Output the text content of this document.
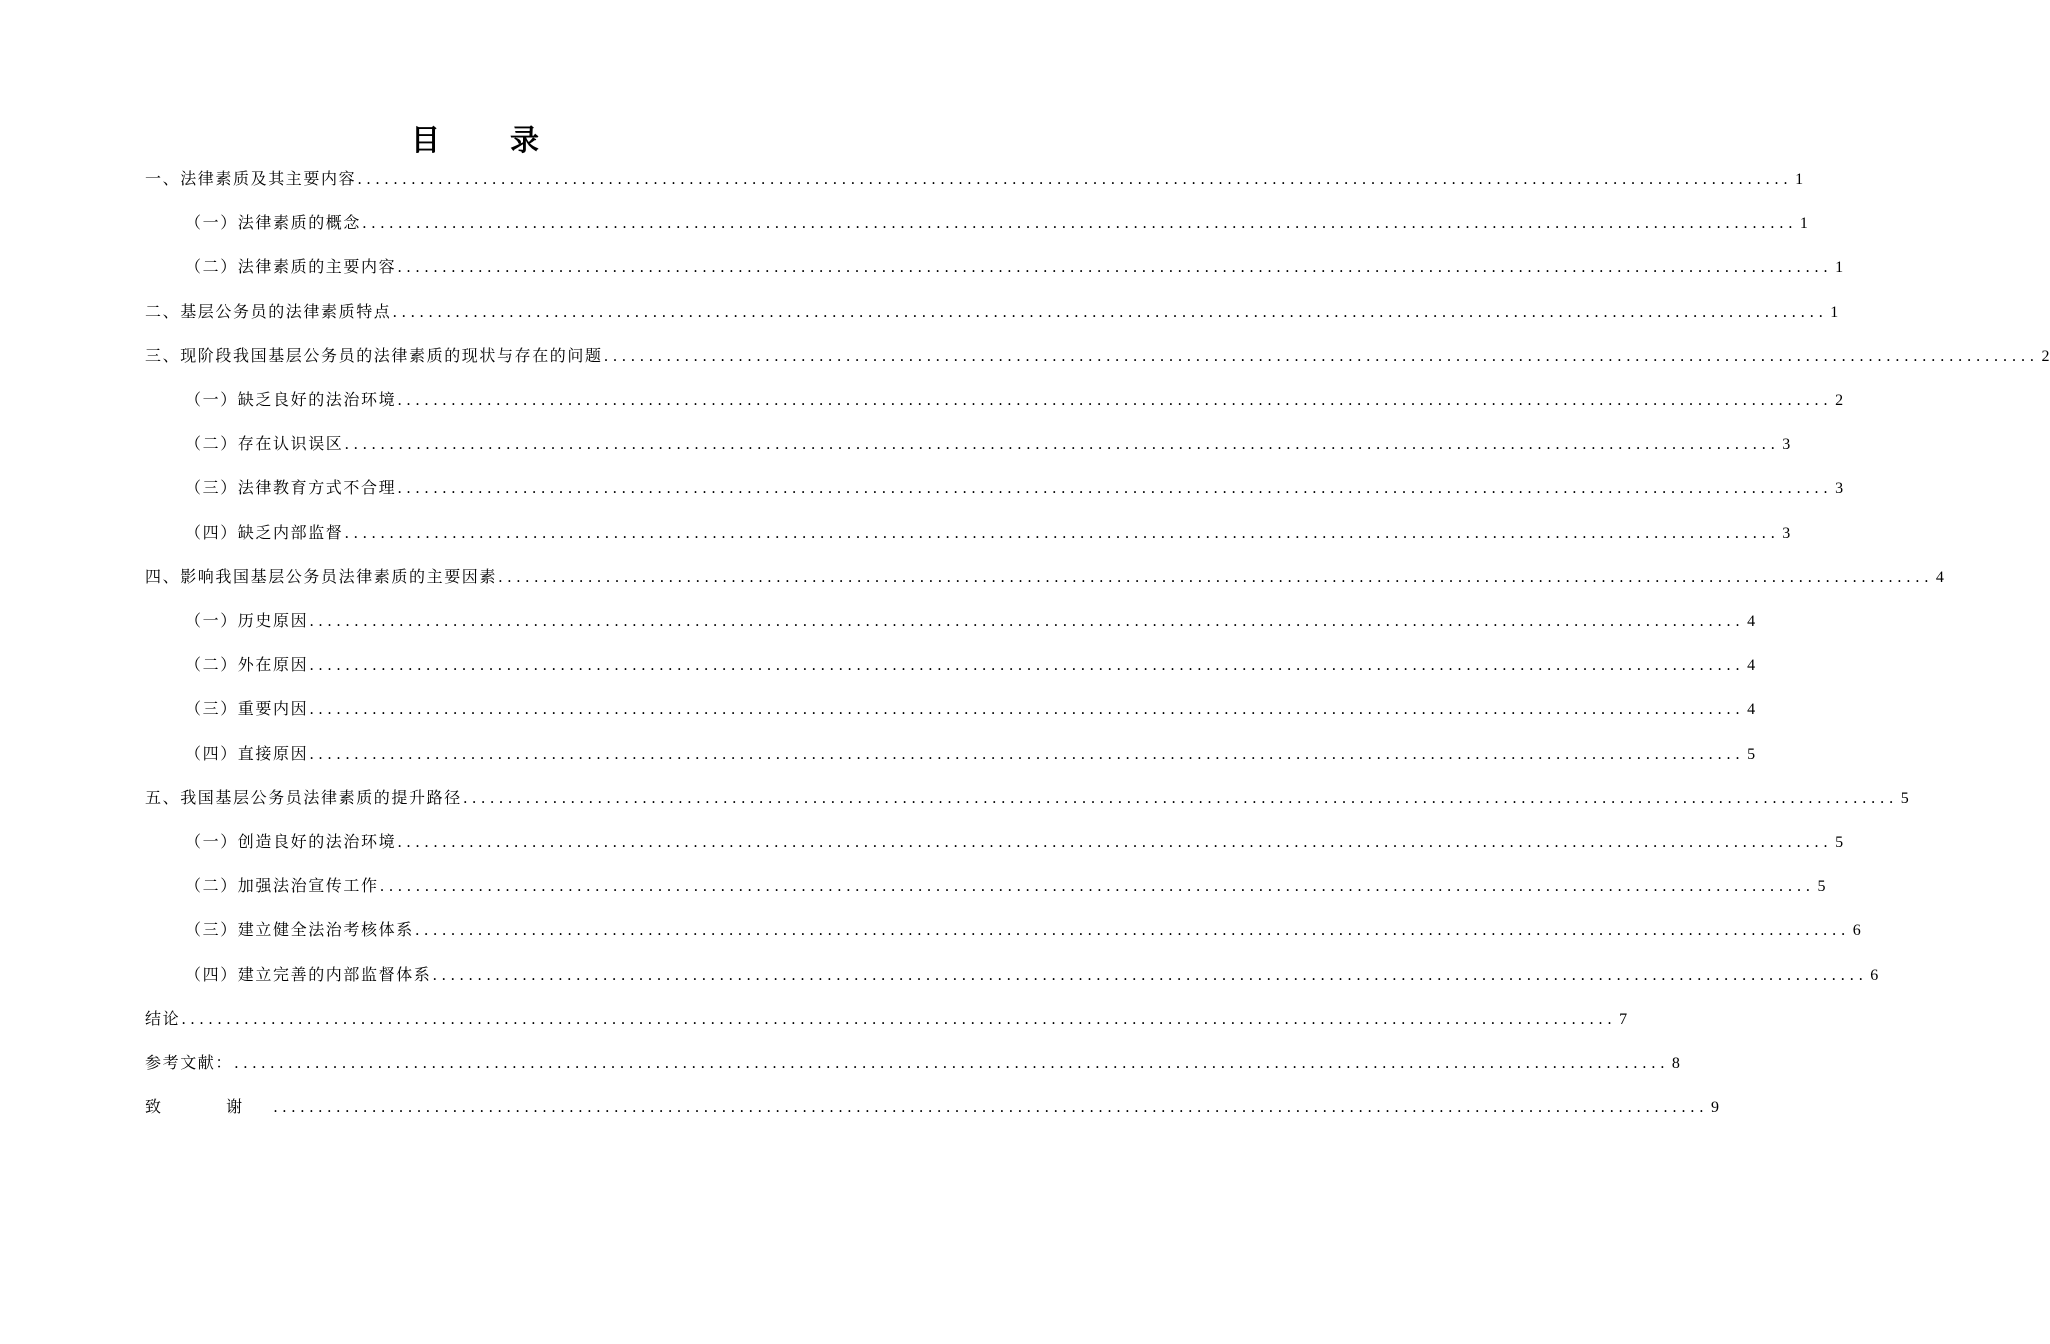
目 录
一、法律素质及其主要内容 ................................................................................................................................................................ 1
（一）法律素质的概念 ................................................................................................................................................................ 1
（二）法律素质的主要内容 ................................................................................................................................................................ 1
二、基层公务员的法律素质特点 ................................................................................................................................................................ 1
三、现阶段我国基层公务员的法律素质的现状与存在的问题 ................................................................................................................................................................ 2
（一）缺乏良好的法治环境 ................................................................................................................................................................ 2
（二）存在认识误区 ................................................................................................................................................................ 3
（三）法律教育方式不合理 ................................................................................................................................................................ 3
（四）缺乏内部监督 ................................................................................................................................................................ 3
四、影响我国基层公务员法律素质的主要因素 ................................................................................................................................................................ 4
（一）历史原因 ................................................................................................................................................................ 4
（二）外在原因 ................................................................................................................................................................ 4
（三）重要内因 ................................................................................................................................................................ 4
（四）直接原因 ................................................................................................................................................................ 5
五、我国基层公务员法律素质的提升路径 ................................................................................................................................................................ 5
（一）创造良好的法治环境 ................................................................................................................................................................ 5
（二）加强法治宣传工作 ................................................................................................................................................................ 5
（三）建立健全法治考核体系 ................................................................................................................................................................ 6
（四）建立完善的内部监督体系 ................................................................................................................................................................ 6
结论 ................................................................................................................................................................ 7
参考文献： ................................................................................................................................................................ 8
致 谢 ................................................................................................................................................................ 9
